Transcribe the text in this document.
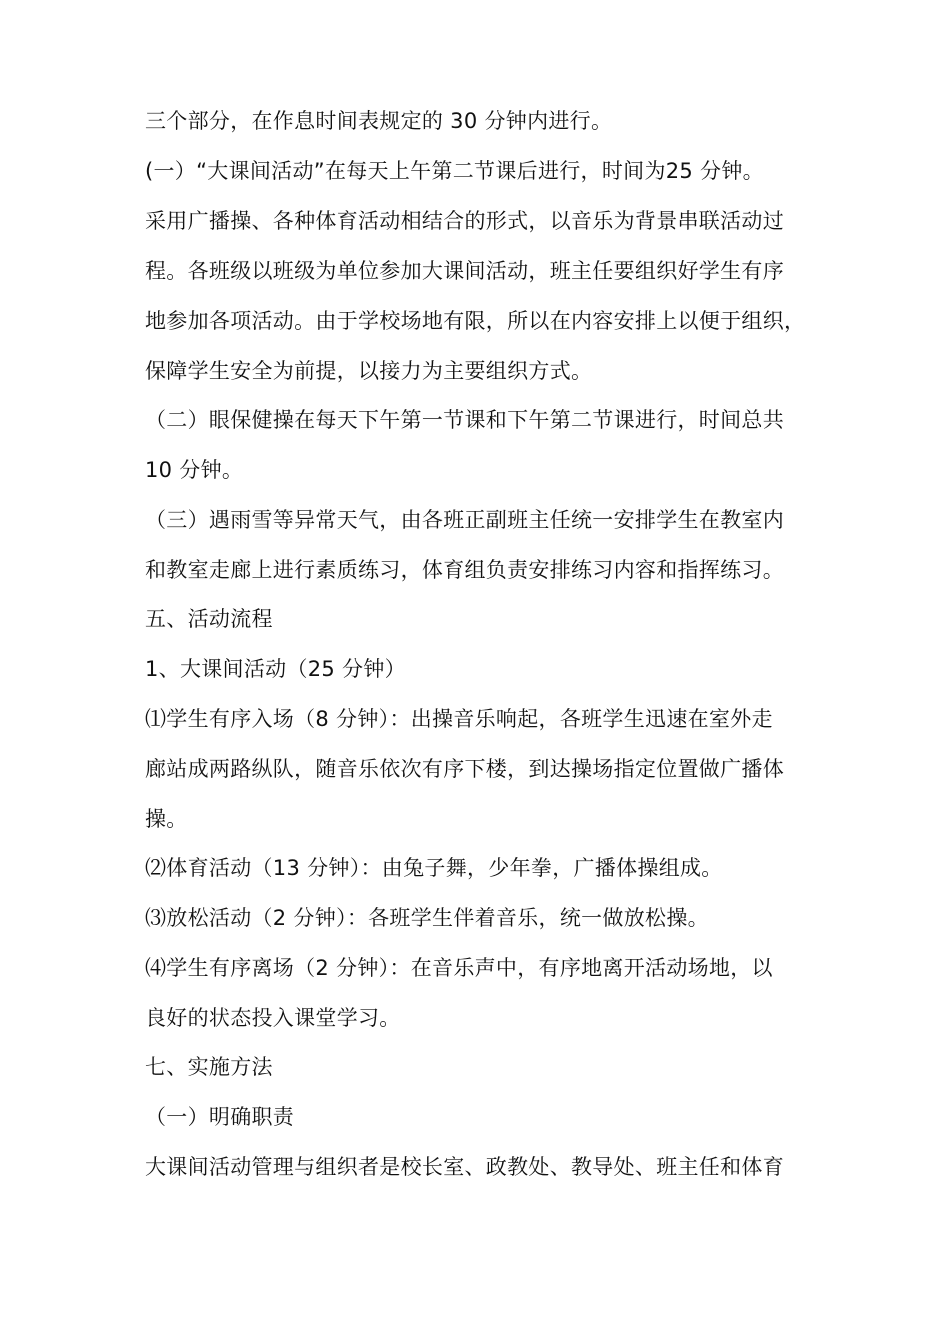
三个部分，在作息时间表规定的 30 分钟内进行。
(一）“大课间活动”在每天上午第二节课后进行，时间为25 分钟。
采用广播操、各种体育活动相结合的形式，以音乐为背景串联活动过
程。各班级以班级为单位参加大课间活动，班主任要组织好学生有序
地参加各项活动。由于学校场地有限，所以在内容安排上以便于组织，
保障学生安全为前提，以接力为主要组织方式。
（二）眼保健操在每天下午第一节课和下午第二节课进行，时间总共
10 分钟。
（三）遇雨雪等异常天气，由各班正副班主任统一安排学生在教室内
和教室走廊上进行素质练习，体育组负责安排练习内容和指挥练习。
五、活动流程
1、大课间活动（25 分钟）
⑴学生有序入场（8 分钟）：出操音乐响起，各班学生迅速在室外走
廊站成两路纵队，随音乐依次有序下楼，到达操场指定位置做广播体
操。
⑵体育活动（13 分钟）：由兔子舞，少年拳，广播体操组成。
⑶放松活动（2 分钟）：各班学生伴着音乐，统一做放松操。
⑷学生有序离场（2 分钟）：在音乐声中，有序地离开活动场地，以
良好的状态投入课堂学习。
七、实施方法
（一）明确职责
大课间活动管理与组织者是校长室、政教处、教导处、班主任和体育
